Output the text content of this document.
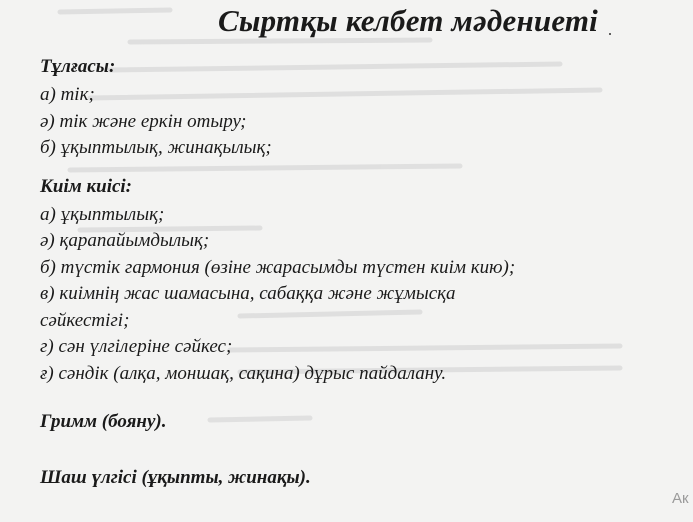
Сыртқы келбет мәдениеті
Тұлғасы:
а) тік;
ә) тік және еркін отыру;
б) ұқыптылық, жинақылық;
Киім киісі:
а) ұқыптылық;
ә) қарапайымдылық;
б) түстік гармония (өзіне жарасымды түстен киім кию);
в) киімнің жас шамасына, сабаққа және жұмысқа
сәйкестігі;
г) сән үлгілеріне сәйкес;
ғ) сәндік (алқа, моншақ, сақина) дұрыс пайдалану.
Гримм (бояну).
Шаш үлгісі (ұқыпты, жинақы).
Ак
